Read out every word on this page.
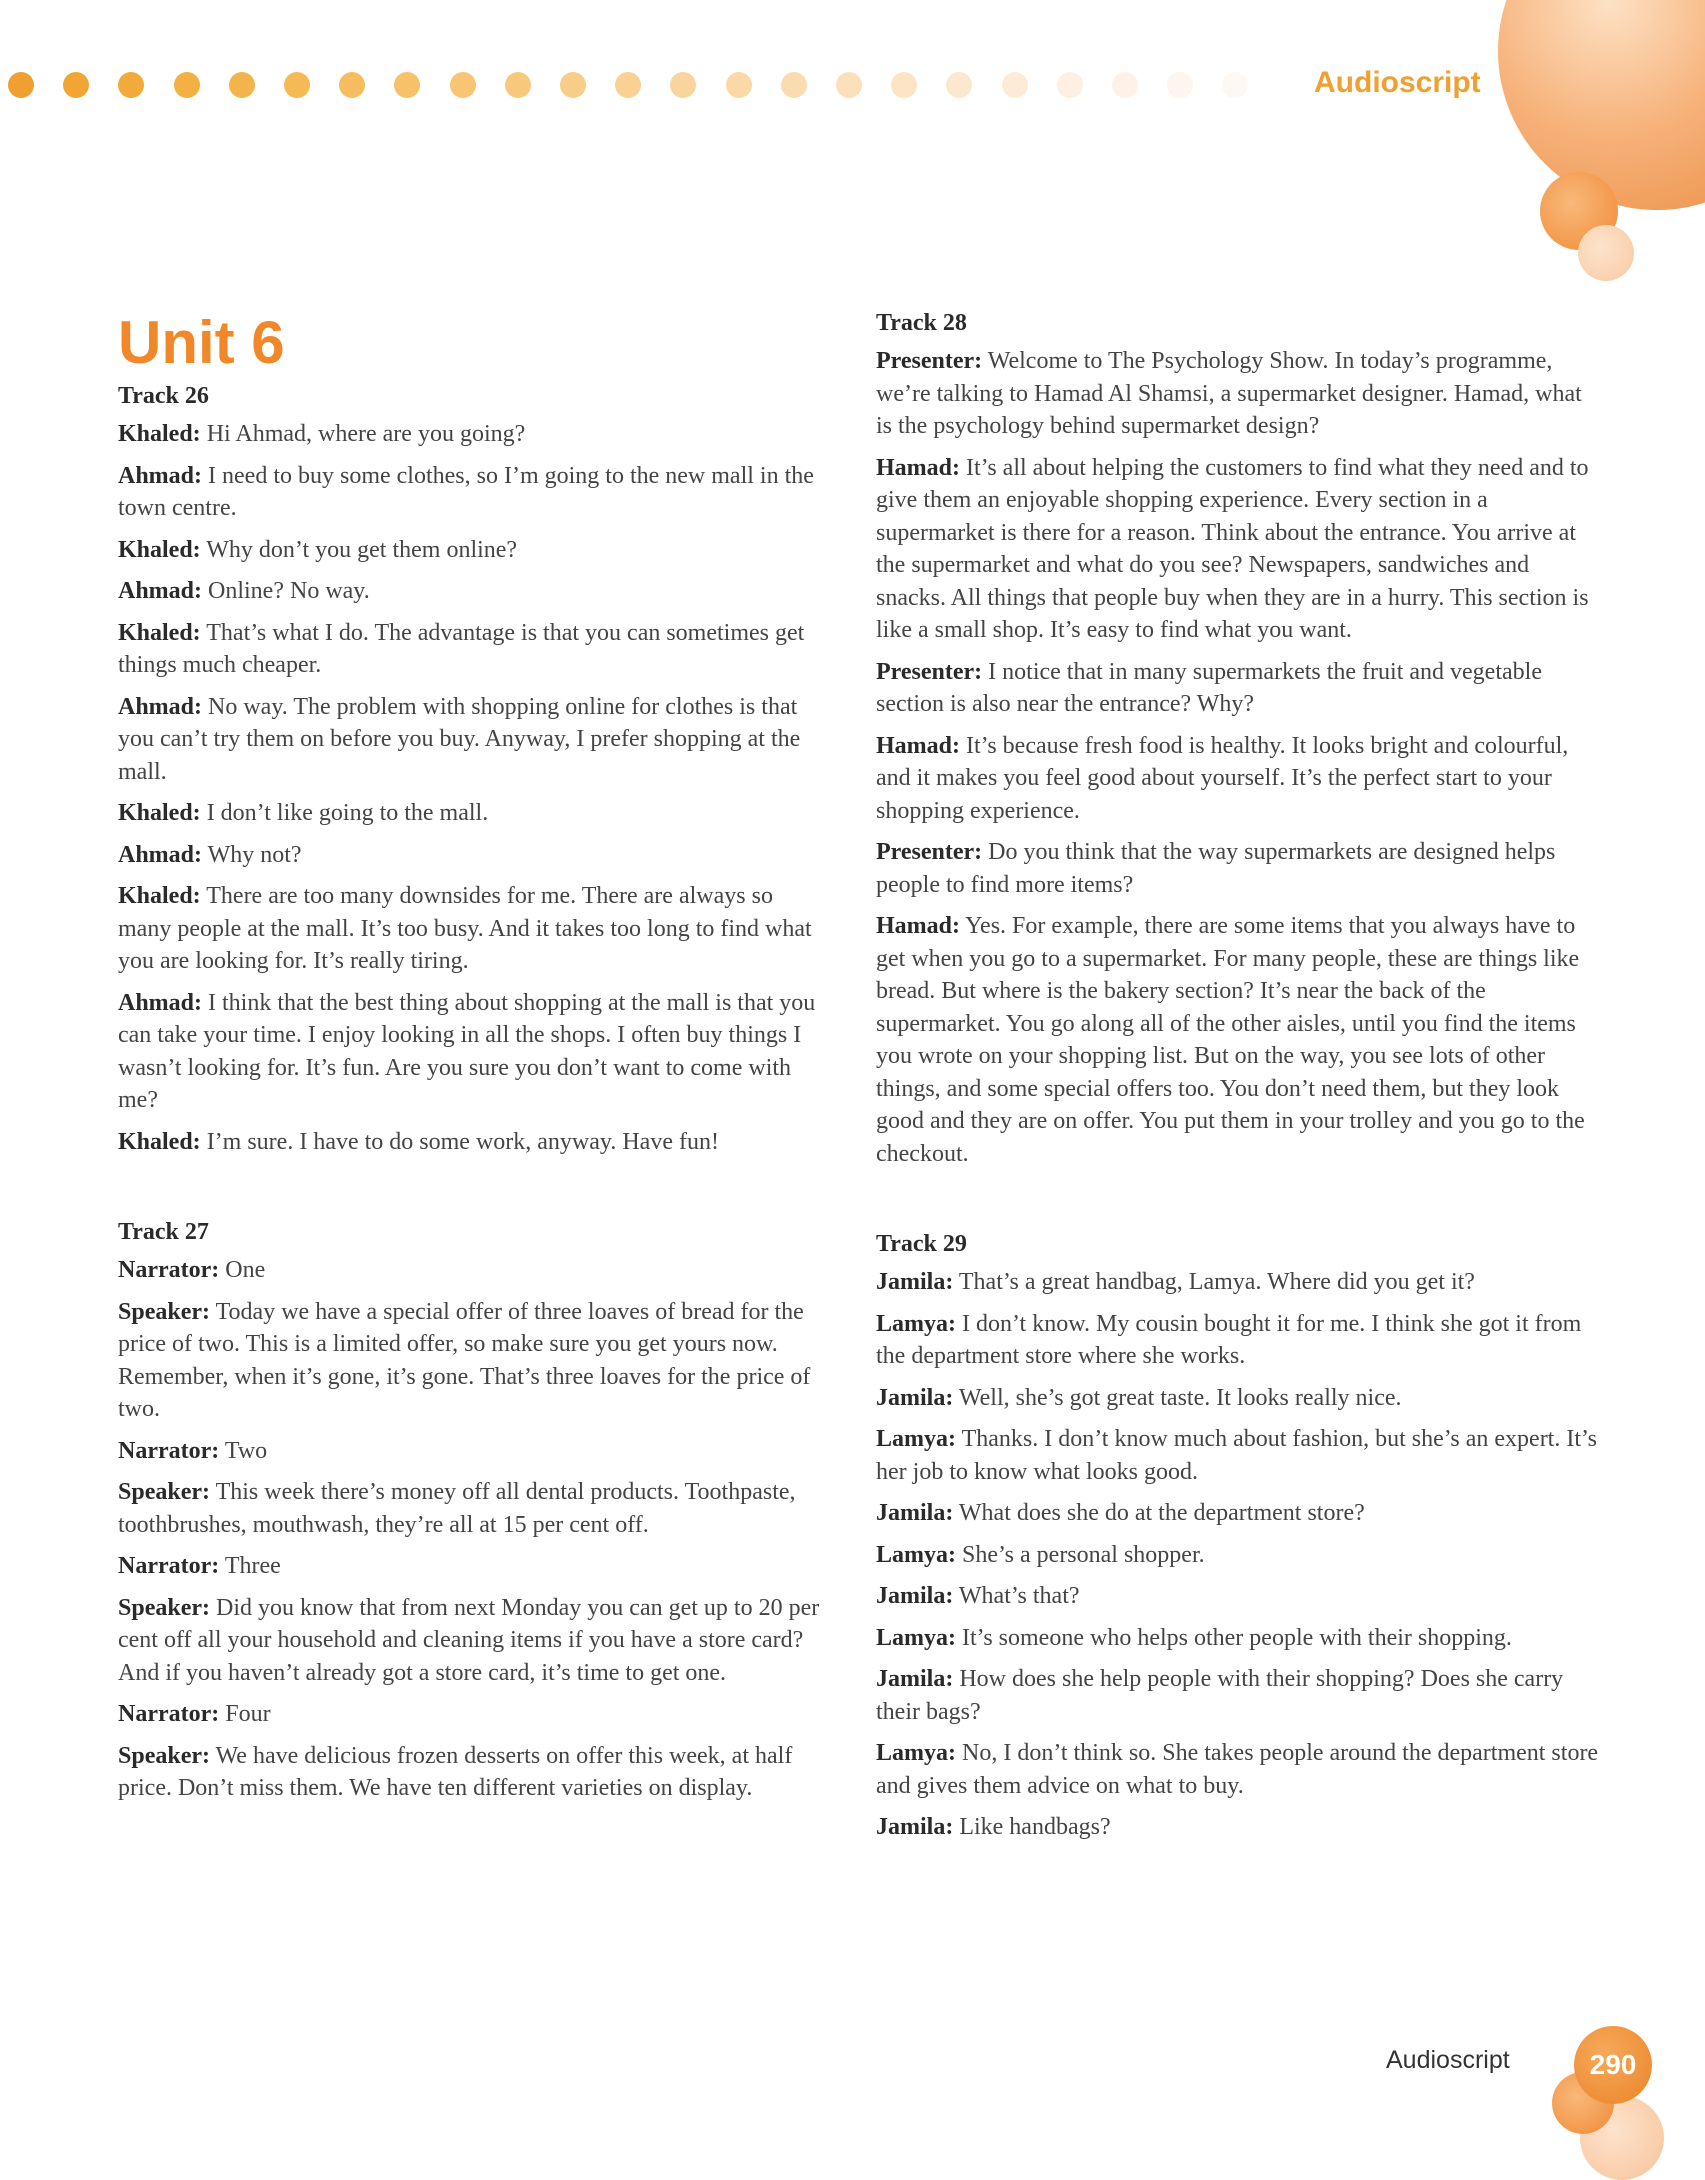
Audioscript
Unit 6
Track 26

Khaled: Hi Ahmad, where are you going?

Ahmad: I need to buy some clothes, so I’m going to the new mall in the town centre.

Khaled: Why don’t you get them online?

Ahmad: Online? No way.

Khaled: That’s what I do. The advantage is that you can sometimes get things much cheaper.

Ahmad: No way. The problem with shopping online for clothes is that you can’t try them on before you buy. Anyway, I prefer shopping at the mall.

Khaled: I don’t like going to the mall.

Ahmad: Why not?

Khaled: There are too many downsides for me. There are always so many people at the mall. It’s too busy. And it takes too long to find what you are looking for. It’s really tiring.

Ahmad: I think that the best thing about shopping at the mall is that you can take your time. I enjoy looking in all the shops. I often buy things I wasn’t looking for. It’s fun. Are you sure you don’t want to come with me?

Khaled: I’m sure. I have to do some work, anyway. Have fun!

Track 27

Narrator: One

Speaker: Today we have a special offer of three loaves of bread for the price of two. This is a limited offer, so make sure you get yours now. Remember, when it’s gone, it’s gone. That’s three loaves for the price of two.

Narrator: Two

Speaker: This week there’s money off all dental products. Toothpaste, toothbrushes, mouthwash, they’re all at 15 per cent off.

Narrator: Three

Speaker: Did you know that from next Monday you can get up to 20 per cent off all your household and cleaning items if you have a store card? And if you haven’t already got a store card, it’s time to get one.

Narrator: Four

Speaker: We have delicious frozen desserts on offer this week, at half price. Don’t miss them. We have ten different varieties on display.

Track 28

Presenter: Welcome to The Psychology Show. In today’s programme, we’re talking to Hamad Al Shamsi, a supermarket designer. Hamad, what is the psychology behind supermarket design?

Hamad: It’s all about helping the customers to find what they need and to give them an enjoyable shopping experience. Every section in a supermarket is there for a reason. Think about the entrance. You arrive at the supermarket and what do you see? Newspapers, sandwiches and snacks. All things that people buy when they are in a hurry. This section is like a small shop. It’s easy to find what you want.

Presenter: I notice that in many supermarkets the fruit and vegetable section is also near the entrance? Why?

Hamad: It’s because fresh food is healthy. It looks bright and colourful, and it makes you feel good about yourself. It’s the perfect start to your shopping experience.

Presenter: Do you think that the way supermarkets are designed helps people to find more items?

Hamad: Yes. For example, there are some items that you always have to get when you go to a supermarket. For many people, these are things like bread. But where is the bakery section? It’s near the back of the supermarket. You go along all of the other aisles, until you find the items you wrote on your shopping list. But on the way, you see lots of other things, and some special offers too. You don’t need them, but they look good and they are on offer. You put them in your trolley and you go to the checkout.

Track 29

Jamila: That’s a great handbag, Lamya. Where did you get it?

Lamya: I don’t know. My cousin bought it for me. I think she got it from the department store where she works.

Jamila: Well, she’s got great taste. It looks really nice.

Lamya: Thanks. I don’t know much about fashion, but she’s an expert. It’s her job to know what looks good.

Jamila: What does she do at the department store?

Lamya: She’s a personal shopper.

Jamila: What’s that?

Lamya: It’s someone who helps other people with their shopping.

Jamila: How does she help people with their shopping? Does she carry their bags?

Lamya: No, I don’t think so. She takes people around the department store and gives them advice on what to buy.

Jamila: Like handbags?

Audioscript	290
